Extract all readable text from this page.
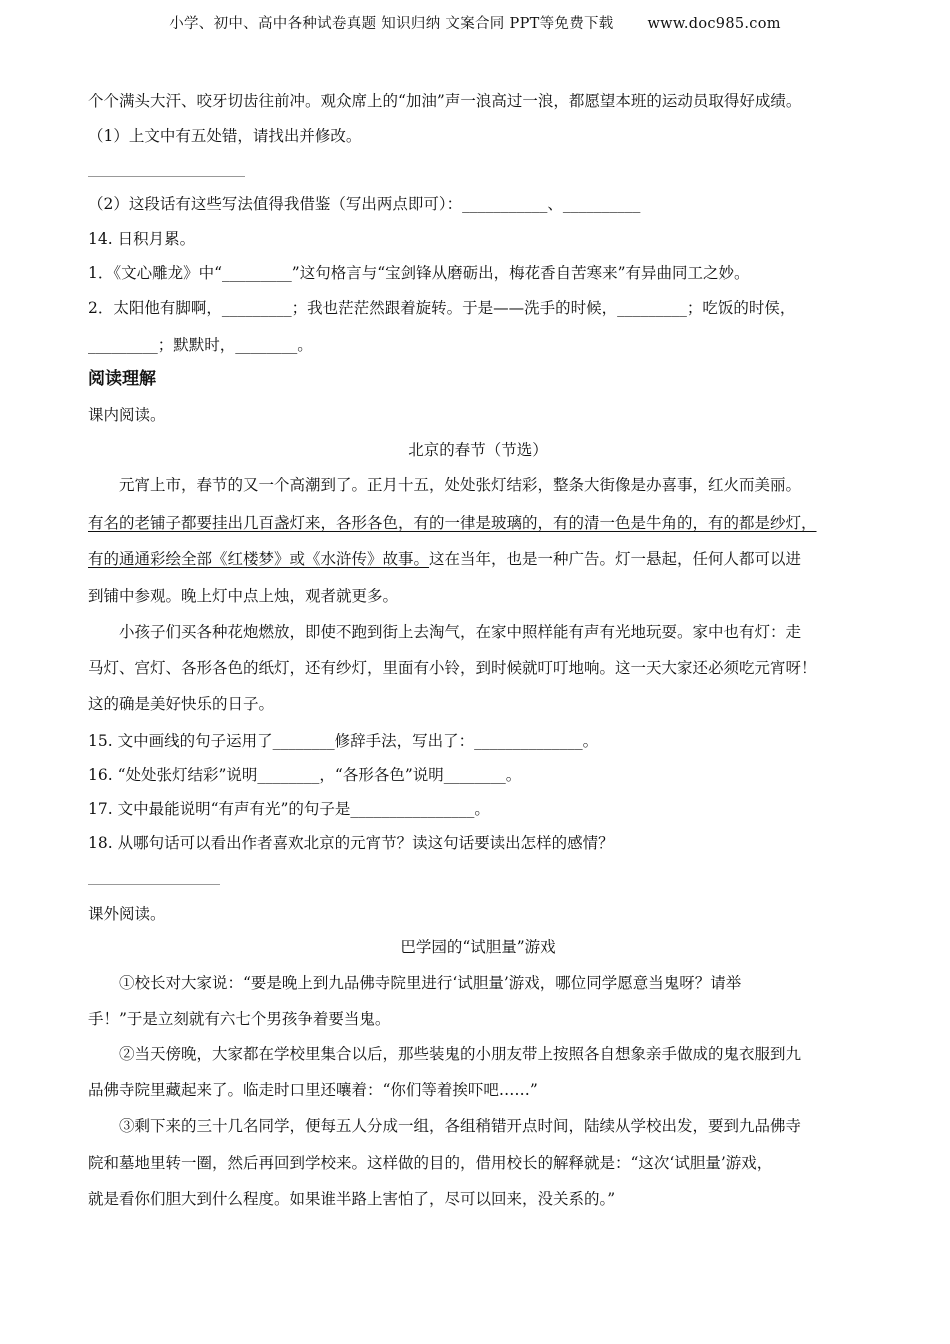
小学、初中、高中各种试卷真题 知识归纳 文案合同 PPT等免费下载 www.doc985.com
个个满头大汗、咬牙切齿往前冲。观众席上的“加油”声一浪高过一浪，都愿望本班的运动员取得好成绩。
（1）上文中有五处错，请找出并修改。
（2）这段话有这些写法值得我借鉴（写出两点即可）：___________、__________
14. 日积月累。
1．《文心雕龙》中“_________”这句格言与“宝剑锋从磨砺出，梅花香自苦寒来”有异曲同工之妙。
2．太阳他有脚啊，_________；我也茫茫然跟着旋转。于是——洗手的时候，_________；吃饭的时侯，
_________；默默时，________。
阅读理解
课内阅读。
北京的春节（节选）
元宵上市，春节的又一个高潮到了。正月十五，处处张灯结彩，整条大街像是办喜事，红火而美丽。
有名的老铺子都要挂出几百盏灯来，各形各色，有的一律是玻璃的，有的清一色是牛角的，有的都是纱灯，
有的通通彩绘全部《红楼梦》或《水浒传》故事。这在当年，也是一种广告。灯一悬起，任何人都可以进
到铺中参观。晚上灯中点上烛，观者就更多。
小孩子们买各种花炮燃放，即使不跑到街上去淘气，在家中照样能有声有光地玩耍。家中也有灯：走
马灯、宫灯、各形各色的纸灯，还有纱灯，里面有小铃，到时候就叮叮地响。这一天大家还必须吃元宵呀！
这的确是美好快乐的日子。
15. 文中画线的句子运用了________修辞手法，写出了：______________。
16. “处处张灯结彩”说明________，“各形各色”说明________。
17. 文中最能说明“有声有光”的句子是________________。
18. 从哪句话可以看出作者喜欢北京的元宵节？读这句话要读出怎样的感情？
课外阅读。
巴学园的“试胆量”游戏
①校长对大家说：“要是晚上到九品佛寺院里进行‘试胆量’游戏，哪位同学愿意当鬼呀？请举
手！”于是立刻就有六七个男孩争着要当鬼。
②当天傍晚，大家都在学校里集合以后，那些装鬼的小朋友带上按照各自想象亲手做成的鬼衣服到九
品佛寺院里藏起来了。临走时口里还嚷着：“你们等着挨吓吧……”
③剩下来的三十几名同学，便每五人分成一组，各组稍错开点时间，陆续从学校出发，要到九品佛寺
院和墓地里转一圈，然后再回到学校来。这样做的目的，借用校长的解释就是：“这次‘试胆量’游戏，
就是看你们胆大到什么程度。如果谁半路上害怕了，尽可以回来，没关系的。”
